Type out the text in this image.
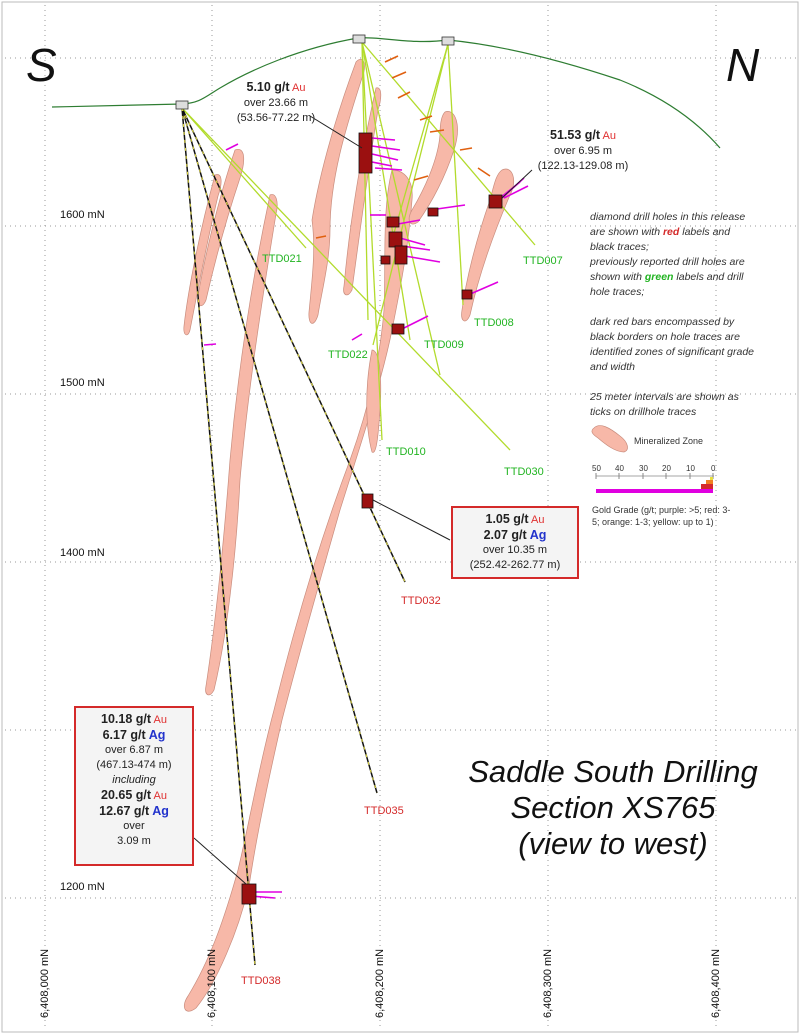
TTD021	TTD007
TTD008
TTD022
TTD009
TTD010
TTD030
TTD032
TTD035
TTD038
1600 mN
1500 mN
1400 mN
1200 mN
6,408,000 mN	6,408,100 mN	6,408,200 mN	6,408,300 mN	6,408,400 mN
50 40 30 20 10 0
S	N
5.10 g/t Au
over 23.66 m
(53.56-77.22 m)
51.53 g/t Au
over 6.95 m
(122.13-129.08 m)
1.05 g/t Au
2.07 g/t Ag
over 10.35 m
(252.42-262.77 m)
10.18 g/t Au
6.17 g/t Ag
over 6.87 m
(467.13-474 m)
including
20.65 g/t Au
12.67 g/t Ag
over
3.09 m
diamond drill holes in this release
are shown with red labels and
black traces;
previously reported drill holes are
shown with green labels and drill
hole traces;
dark red bars encompassed by
black borders on hole traces are
identified zones of significant grade
and width
25 meter intervals are shown as
ticks on drillhole traces
Mineralized Zone
Gold Grade (g/t; purple: >5; red: 3-
5; orange: 1-3; yellow: up to 1)
Saddle South Drilling
Section XS765
(view to west)
